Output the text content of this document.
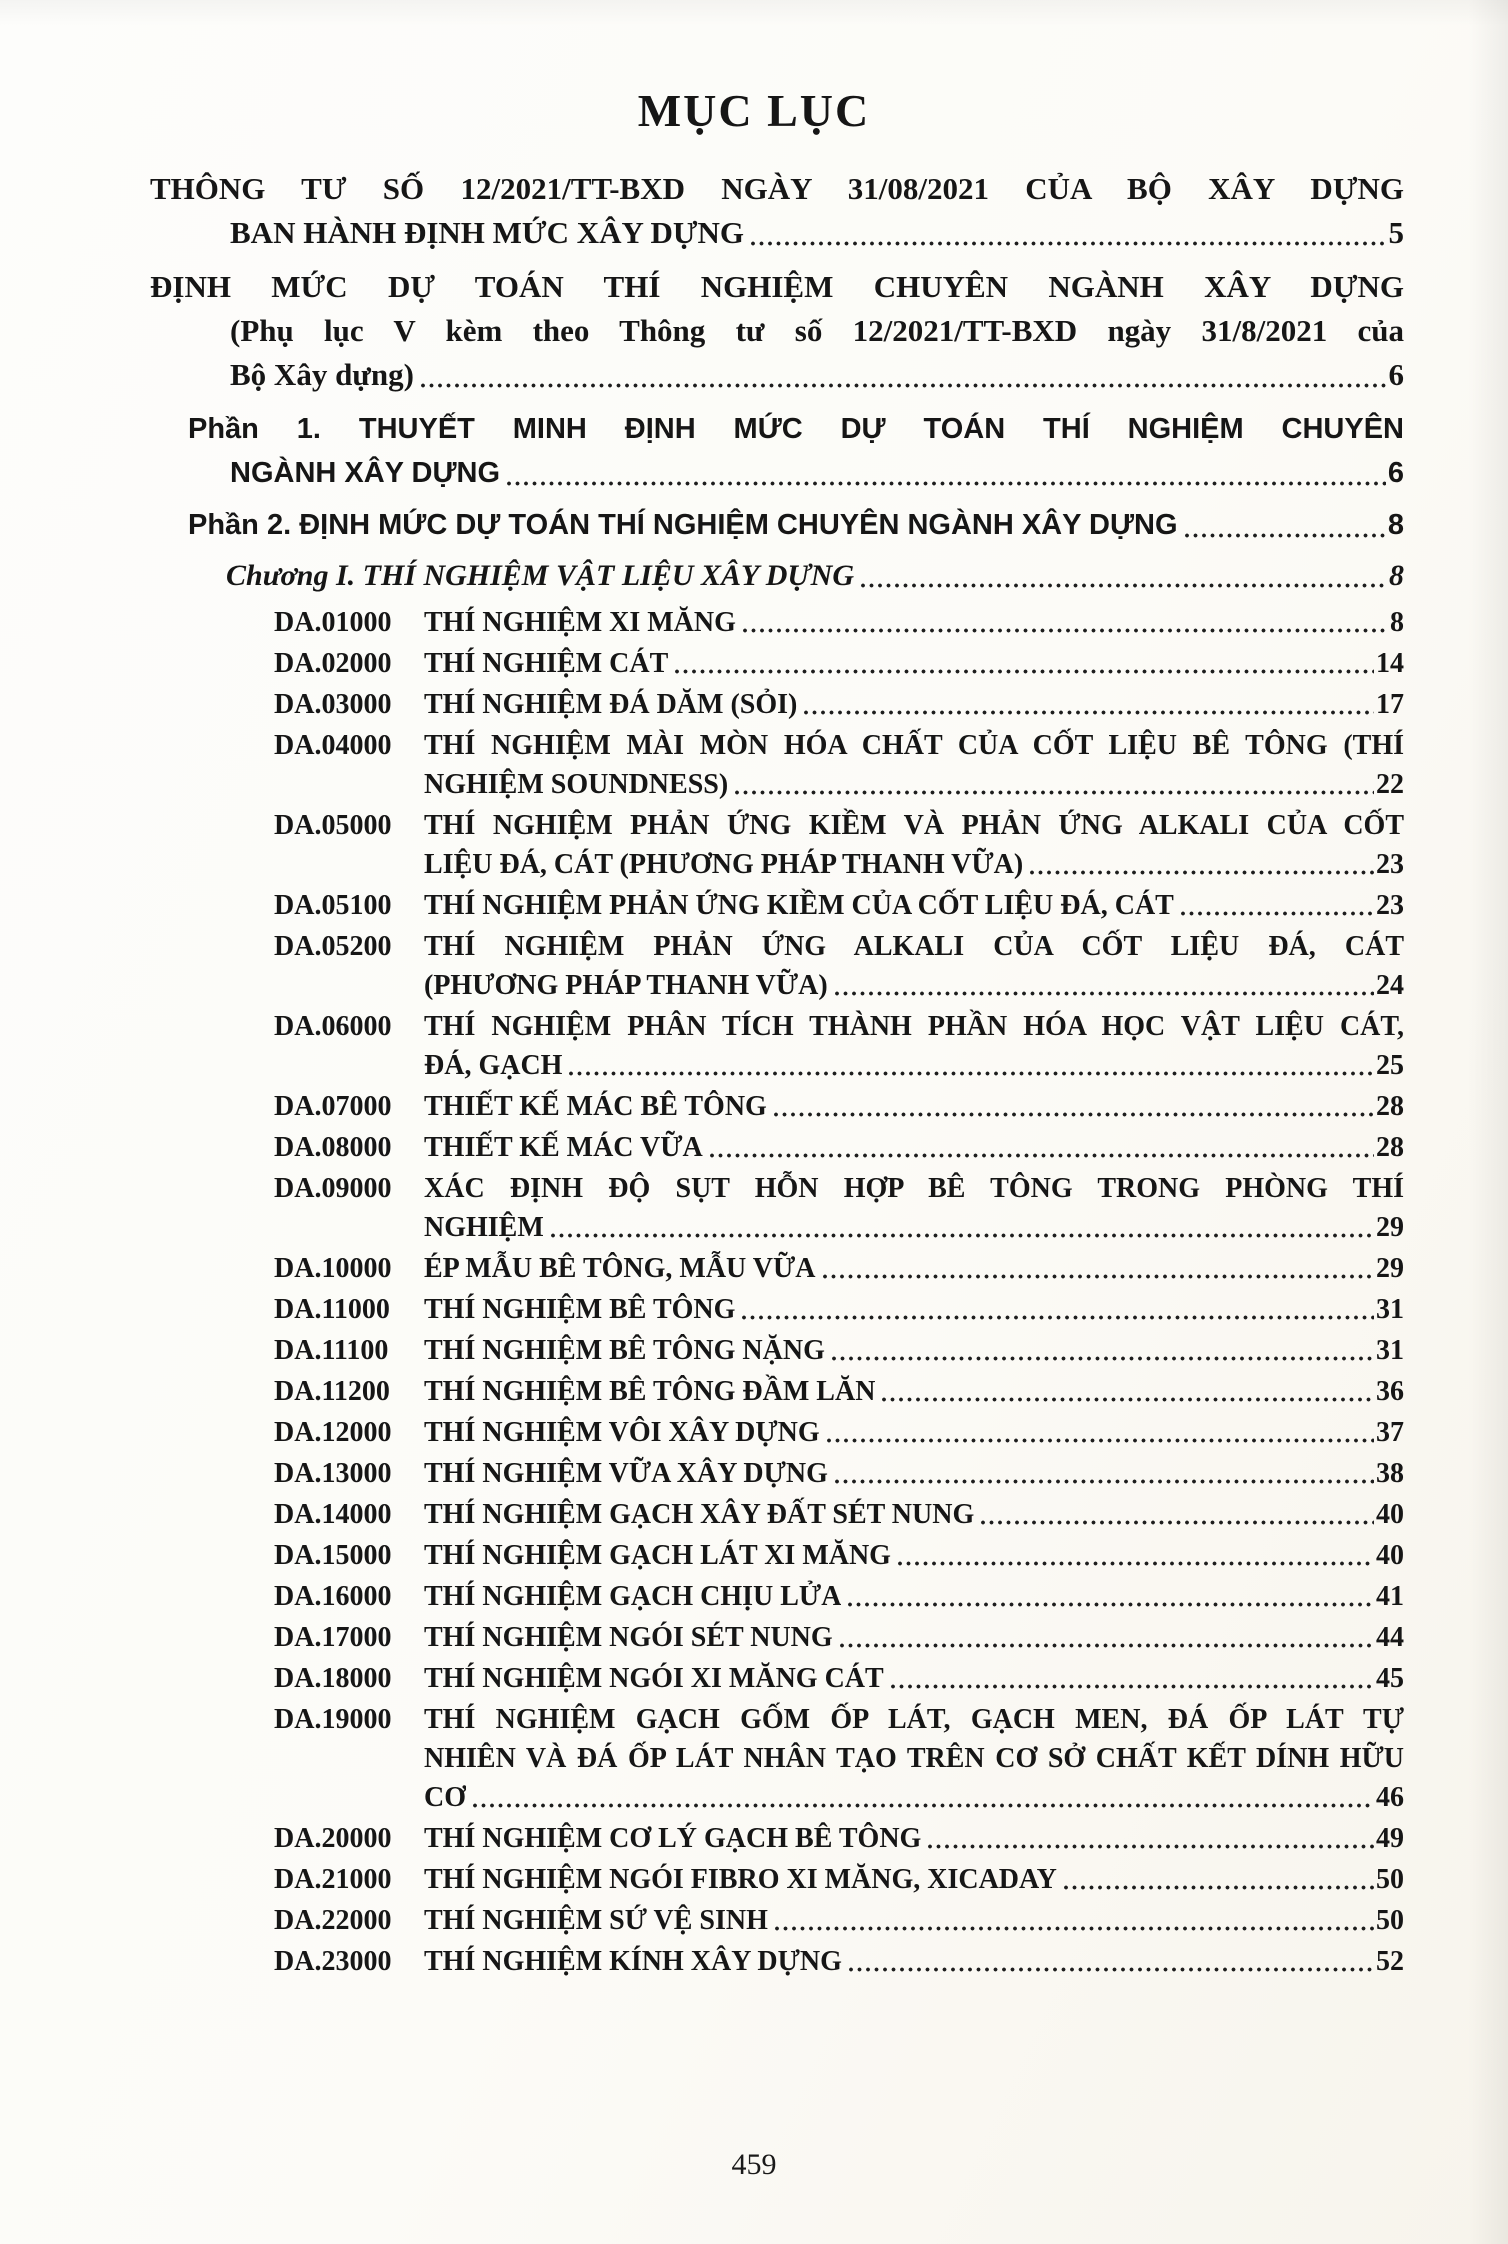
MỤC LỤC
THÔNG TƯ SỐ 12/2021/TT-BXD NGÀY 31/08/2021 CỦA BỘ XÂY DỰNG
BAN HÀNH ĐỊNH MỨC XÂY DỰNG	5
ĐỊNH MỨC DỰ TOÁN THÍ NGHIỆM CHUYÊN NGÀNH XÂY DỰNG
(Phụ lục V kèm theo Thông tư số 12/2021/TT-BXD ngày 31/8/2021 của
Bộ Xây dựng)	6
Phần 1. THUYẾT MINH ĐỊNH MỨC DỰ TOÁN THÍ NGHIỆM CHUYÊN
NGÀNH XÂY DỰNG	6
Phần 2. ĐỊNH MỨC DỰ TOÁN THÍ NGHIỆM CHUYÊN NGÀNH XÂY DỰNG	8
Chương I. THÍ NGHIỆM VẬT LIỆU XÂY DỰNG	8
DA.01000	THÍ NGHIỆM XI MĂNG	8
DA.02000	THÍ NGHIỆM CÁT	14
DA.03000	THÍ NGHIỆM ĐÁ DĂM (SỎI)	17
DA.04000 THÍ NGHIỆM MÀI MÒN HÓA CHẤT CỦA CỐT LIỆU BÊ TÔNG (THÍ
NGHIỆM SOUNDNESS)	22
DA.05000 THÍ NGHIỆM PHẢN ỨNG KIỀM VÀ PHẢN ỨNG ALKALI CỦA CỐT
LIỆU ĐÁ, CÁT (PHƯƠNG PHÁP THANH VỮA)	23
DA.05100	THÍ NGHIỆM PHẢN ỨNG KIỀM CỦA CỐT LIỆU ĐÁ, CÁT	23
DA.05200 THÍ NGHIỆM PHẢN ỨNG ALKALI CỦA CỐT LIỆU ĐÁ, CÁT
(PHƯƠNG PHÁP THANH VỮA)	24
DA.06000 THÍ NGHIỆM PHÂN TÍCH THÀNH PHẦN HÓA HỌC VẬT LIỆU CÁT,
ĐÁ, GẠCH	25
DA.07000	THIẾT KẾ MÁC BÊ TÔNG	28
DA.08000	THIẾT KẾ MÁC VỮA	28
DA.09000 XÁC ĐỊNH ĐỘ SỤT HỖN HỢP BÊ TÔNG TRONG PHÒNG THÍ
NGHIỆM	29
DA.10000	ÉP MẪU BÊ TÔNG, MẪU VỮA	29
DA.11000	THÍ NGHIỆM BÊ TÔNG	31
DA.11100	THÍ NGHIỆM BÊ TÔNG NẶNG	31
DA.11200	THÍ NGHIỆM BÊ TÔNG ĐẦM LĂN	36
DA.12000	THÍ NGHIỆM VÔI XÂY DỰNG	37
DA.13000	THÍ NGHIỆM VỮA XÂY DỰNG	38
DA.14000	THÍ NGHIỆM GẠCH XÂY ĐẤT SÉT NUNG	40
DA.15000	THÍ NGHIỆM GẠCH LÁT XI MĂNG	40
DA.16000	THÍ NGHIỆM GẠCH CHỊU LỬA	41
DA.17000	THÍ NGHIỆM NGÓI SÉT NUNG	44
DA.18000	THÍ NGHIỆM NGÓI XI MĂNG CÁT	45
DA.19000 THÍ NGHIỆM GẠCH GỐM ỐP LÁT, GẠCH MEN, ĐÁ ỐP LÁT TỰ
NHIÊN VÀ ĐÁ ỐP LÁT NHÂN TẠO TRÊN CƠ SỞ CHẤT KẾT DÍNH HỮU
CƠ	46
DA.20000	THÍ NGHIỆM CƠ LÝ GẠCH BÊ TÔNG	49
DA.21000	THÍ NGHIỆM NGÓI FIBRO XI MĂNG, XICADAY	50
DA.22000	THÍ NGHIỆM SỨ VỆ SINH	50
DA.23000	THÍ NGHIỆM KÍNH XÂY DỰNG	52
459
